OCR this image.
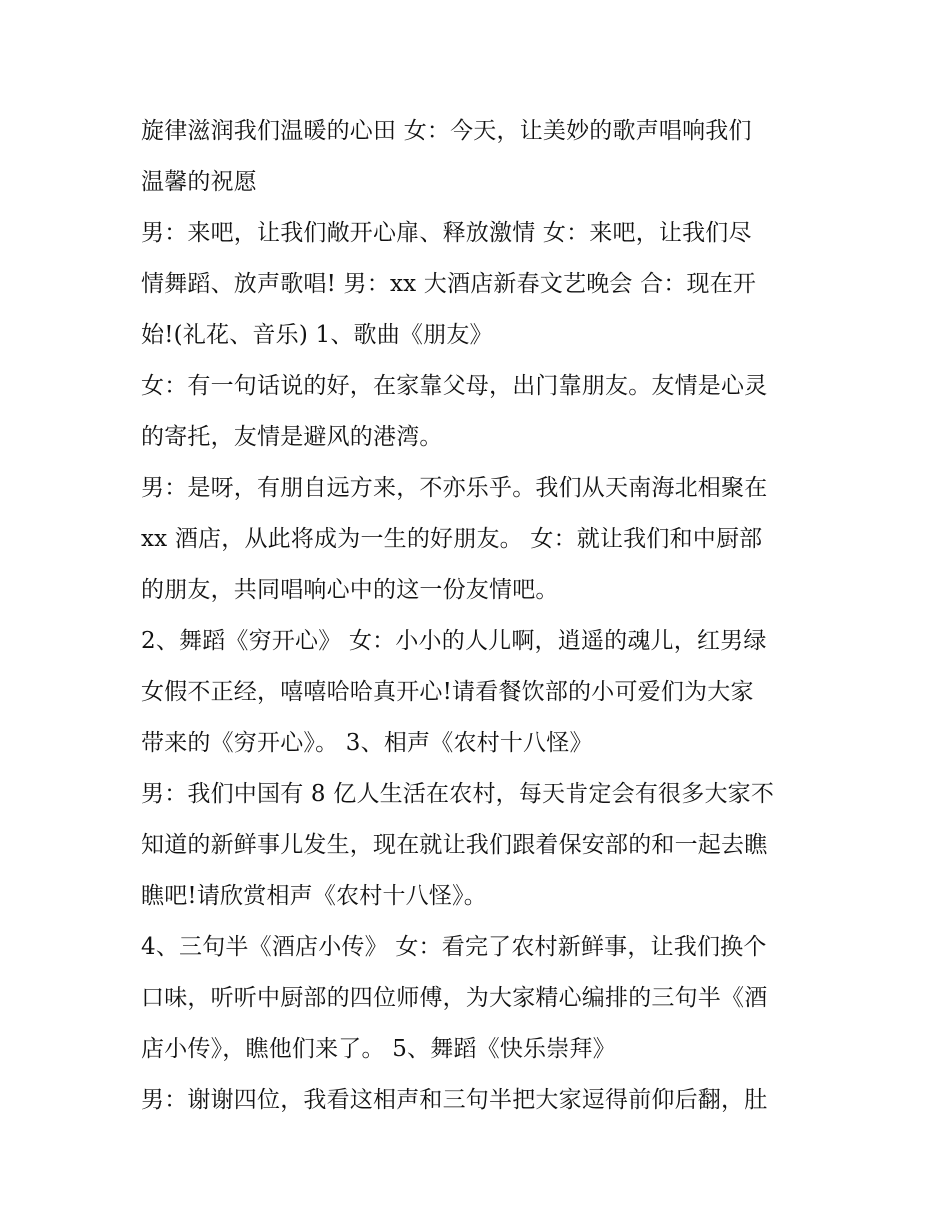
旋律滋润我们温暖的心田 女：今天，让美妙的歌声唱响我们
温馨的祝愿
男：来吧，让我们敞开心扉、释放激情 女：来吧，让我们尽
情舞蹈、放声歌唱! 男：xx 大酒店新春文艺晚会 合：现在开
始!(礼花、音乐) 1、歌曲《朋友》
女：有一句话说的好，在家靠父母，出门靠朋友。友情是心灵
的寄托，友情是避风的港湾。
男：是呀，有朋自远方来，不亦乐乎。我们从天南海北相聚在
xx 酒店，从此将成为一生的好朋友。 女：就让我们和中厨部
的朋友，共同唱响心中的这一份友情吧。
2、舞蹈《穷开心》 女：小小的人儿啊，逍遥的魂儿，红男绿
女假不正经，嘻嘻哈哈真开心!请看餐饮部的小可爱们为大家
带来的《穷开心》。 3、相声《农村十八怪》
男：我们中国有 8 亿人生活在农村，每天肯定会有很多大家不
知道的新鲜事儿发生，现在就让我们跟着保安部的和一起去瞧
瞧吧!请欣赏相声《农村十八怪》。
4、三句半《酒店小传》 女：看完了农村新鲜事，让我们换个
口味，听听中厨部的四位师傅，为大家精心编排的三句半《酒
店小传》，瞧他们来了。 5、舞蹈《快乐崇拜》
男：谢谢四位，我看这相声和三句半把大家逗得前仰后翻，肚
